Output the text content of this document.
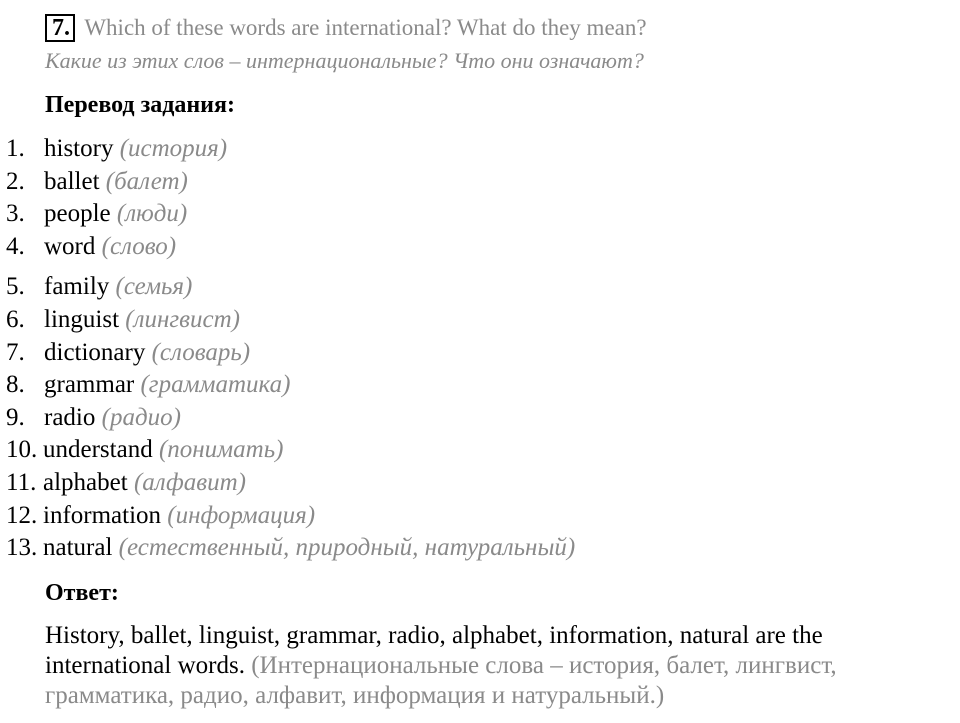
7. Which of these words are international? What do they mean?
Какие из этих слов – интернациональные? Что они означают?
Перевод задания:
1. history (история)
2. ballet (балет)
3. people (люди)
4. word (слово)
5. family (семья)
6. linguist (лингвист)
7. dictionary (словарь)
8. grammar (грамматика)
9. radio (радио)
10. understand (понимать)
11. alphabet (алфавит)
12. information (информация)
13. natural (естественный, природный, натуральный)
Ответ:
History, ballet, linguist, grammar, radio, alphabet, information, natural are the international words. (Интернациональные слова – история, балет, лингвист, грамматика, радио, алфавит, информация и натуральный.)
